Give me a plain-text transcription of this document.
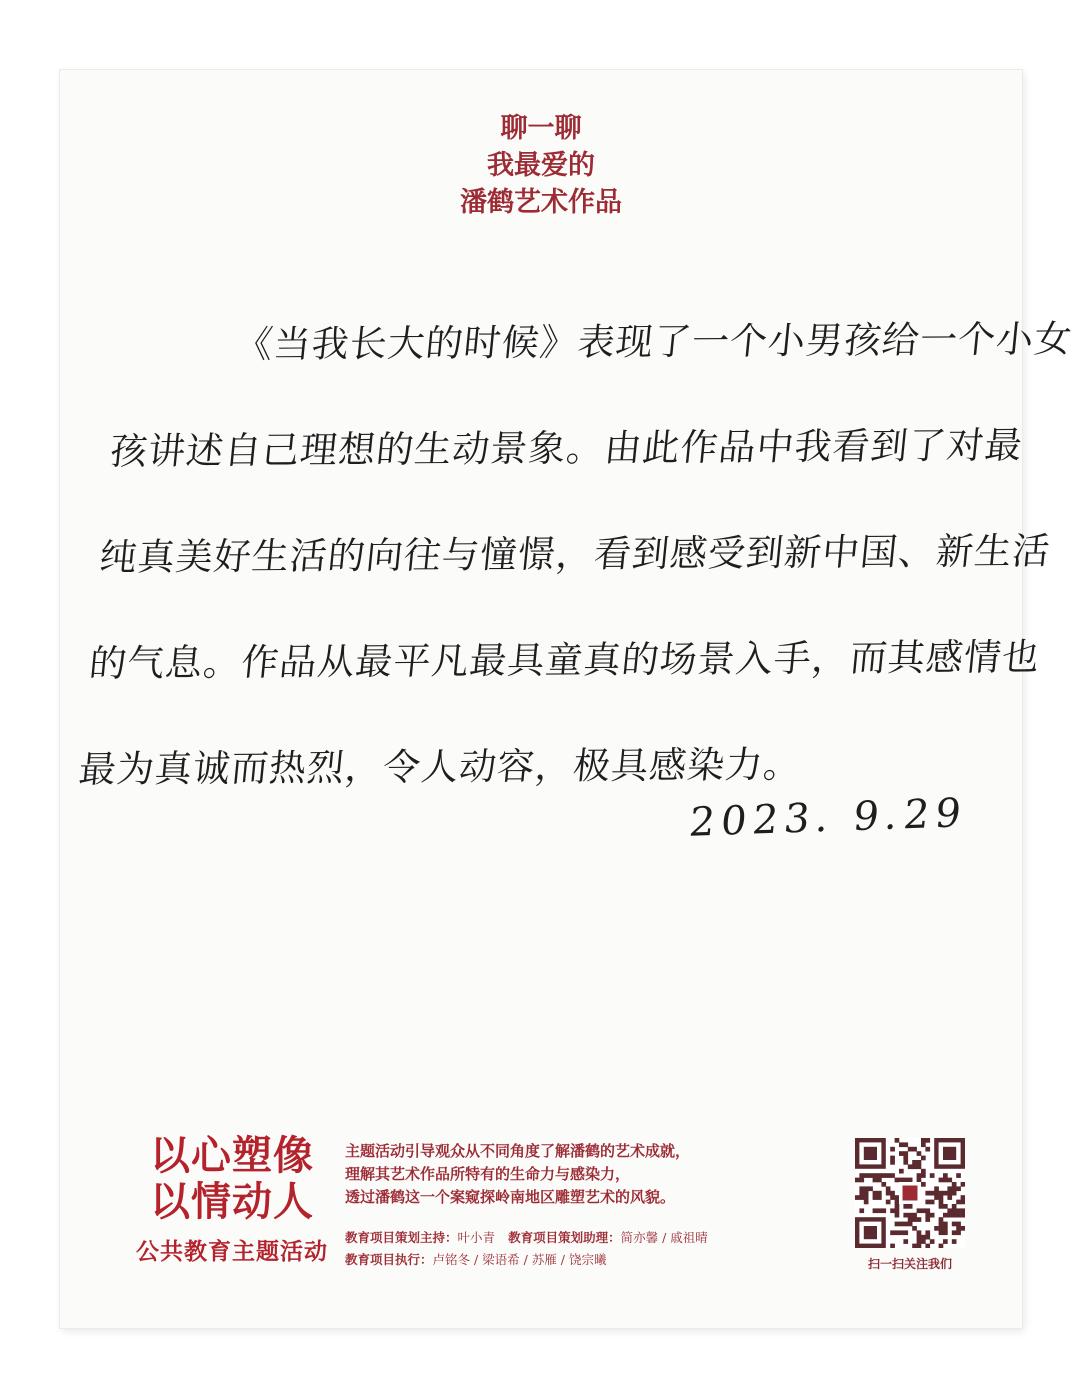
聊一聊
我最爱的
潘鹤艺术作品
《当我长大的时候》表现了一个小男孩给一个小女
孩讲述自己理想的生动景象。由此作品中我看到了对最
纯真美好生活的向往与憧憬，看到感受到新中国、新生活
的气息。作品从最平凡最具童真的场景入手，而其感情也
最为真诚而热烈，令人动容，极具感染力。
2023. 9.29
以心塑像
以情动人
公共教育主题活动
主题活动引导观众从不同角度了解潘鹤的艺术成就，
理解其艺术作品所特有的生命力与感染力，
透过潘鹤这一个案窥探岭南地区雕塑艺术的风貌。
教育项目策划主持：叶小青 教育项目策划助理：简亦馨 / 戚祖晴
教育项目执行：卢铭冬 / 梁语希 / 苏雁 / 饶宗曦	扫一扫关注我们
